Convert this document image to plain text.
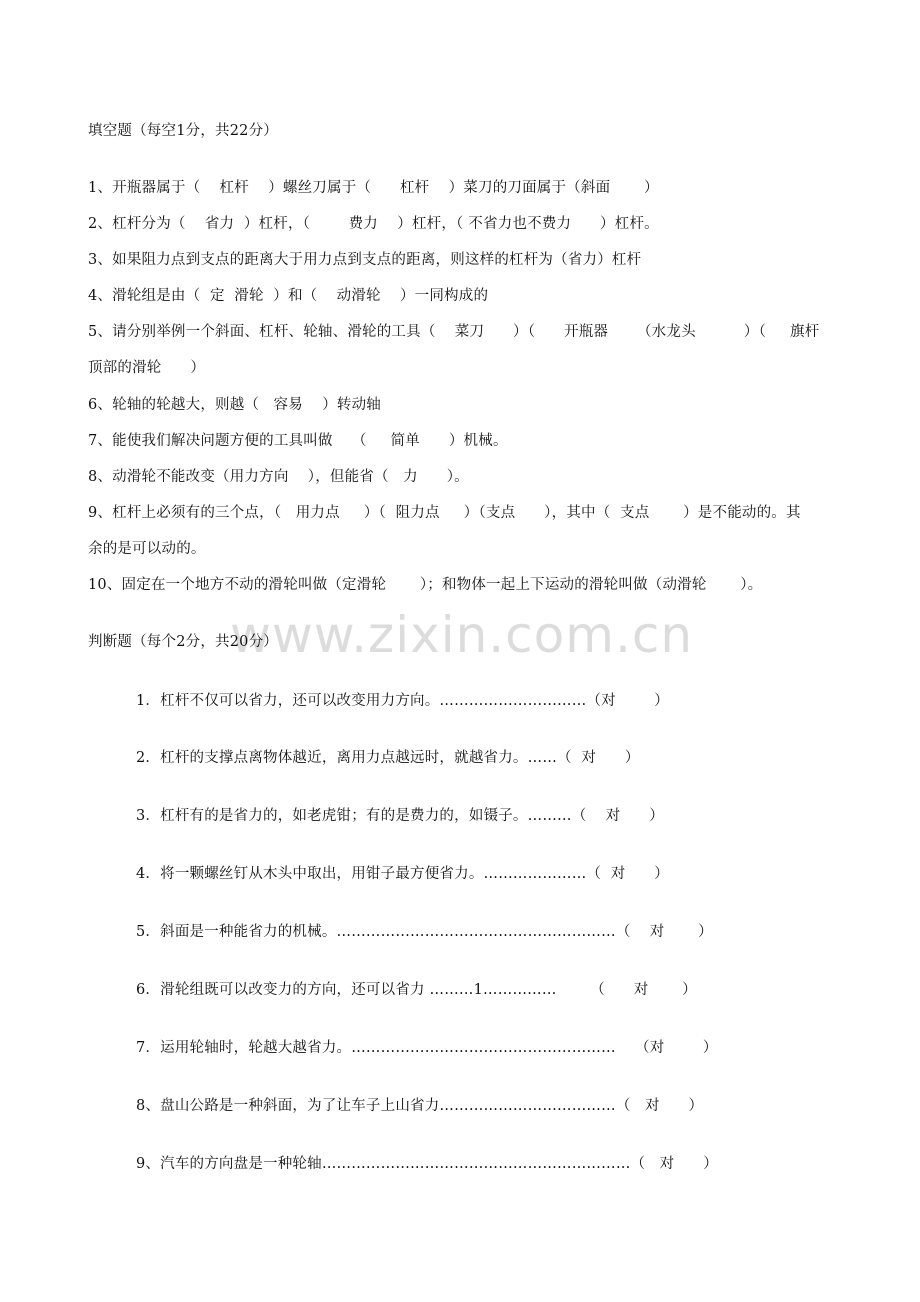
填空题（每空1分，共22分）
1、开瓶器属于（    杠杆    ）螺丝刀属于（      杠杆    ）菜刀的刀面属于（斜面       ）
2、杠杆分为（    省力  ）杠杆，（        费力    ）杠杆，（ 不省力也不费力      ）杠杆。
3、如果阻力点到支点的距离大于用力点到支点的距离，则这样的杠杆为（省力）杠杆
4、滑轮组是由（  定  滑轮  ）和（    动滑轮    ）一同构成的
5、请分别举例一个斜面、杠杆、轮轴、滑轮的工具（    菜刀      ）（      开瓶器      （水龙头          ）（     旗杆
顶部的滑轮      ）
6、轮轴的轮越大，则越（   容易    ）转动轴
7、能使我们解决问题方便的工具叫做    （     简单      ）机械。
8、动滑轮不能改变（用力方向    ），但能省（   力      ）。
9、杠杆上必须有的三个点，（   用力点     ）（  阻力点     ）（支点      ），其中（  支点       ）是不能动的。其
余的是可以动的。
10、固定在一个地方不动的滑轮叫做（定滑轮       ）；和物体一起上下运动的滑轮叫做（动滑轮       ）。
www.zixin.com.cn
判断题（每个2分，共20分）
1．杠杆不仅可以省力，还可以改变用力方向。…………………………（对        ）
2．杠杆的支撑点离物体越近，离用力点越远时，就越省力。……（  对      ）
3．杠杆有的是省力的，如老虎钳；有的是费力的，如镊子。………（    对      ）
4．将一颗螺丝钉从木头中取出，用钳子最方便省力。…………………（  对      ）
5．斜面是一种能省力的机械。…………………………………………………（    对       ）
6．滑轮组既可以改变力的方向，还可以省力 ………1……………       （      对       ）
7．运用轮轴时，轮越大越省力。………………………………………………    （对        ）
8、盘山公路是一种斜面，为了让车子上山省力………………………………（   对      ）
9、汽车的方向盘是一种轮轴………………………………………………………（   对      ）
